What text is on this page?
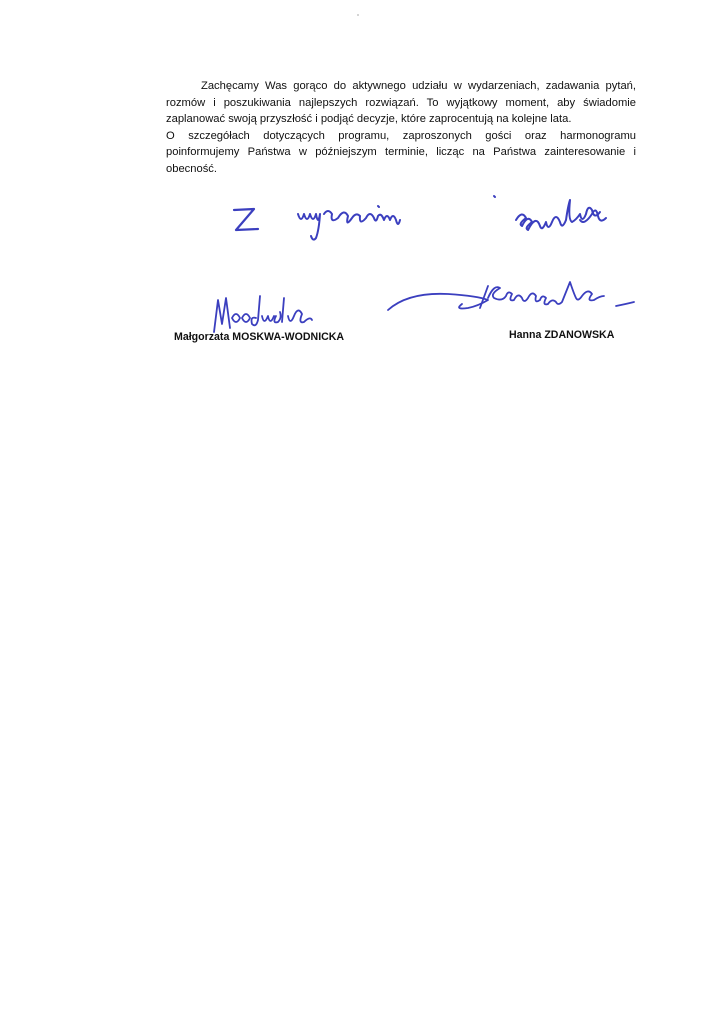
Zachęcamy Was gorąco do aktywnego udziału w wydarzeniach, zadawania pytań, rozmów i poszukiwania najlepszych rozwiązań. To wyjątkowy moment, aby świadomie zaplanować swoją przyszłość i podjąć decyzje, które zaprocentują na kolejne lata.

O szczegółach dotyczących programu, zaproszonych gości oraz harmonogramu poinformujemy Państwa w późniejszym terminie, licząc na Państwa zainteresowanie i obecność.

Małgorzata MOSKWA-WODNICKA	Hanna ZDANOWSKA
